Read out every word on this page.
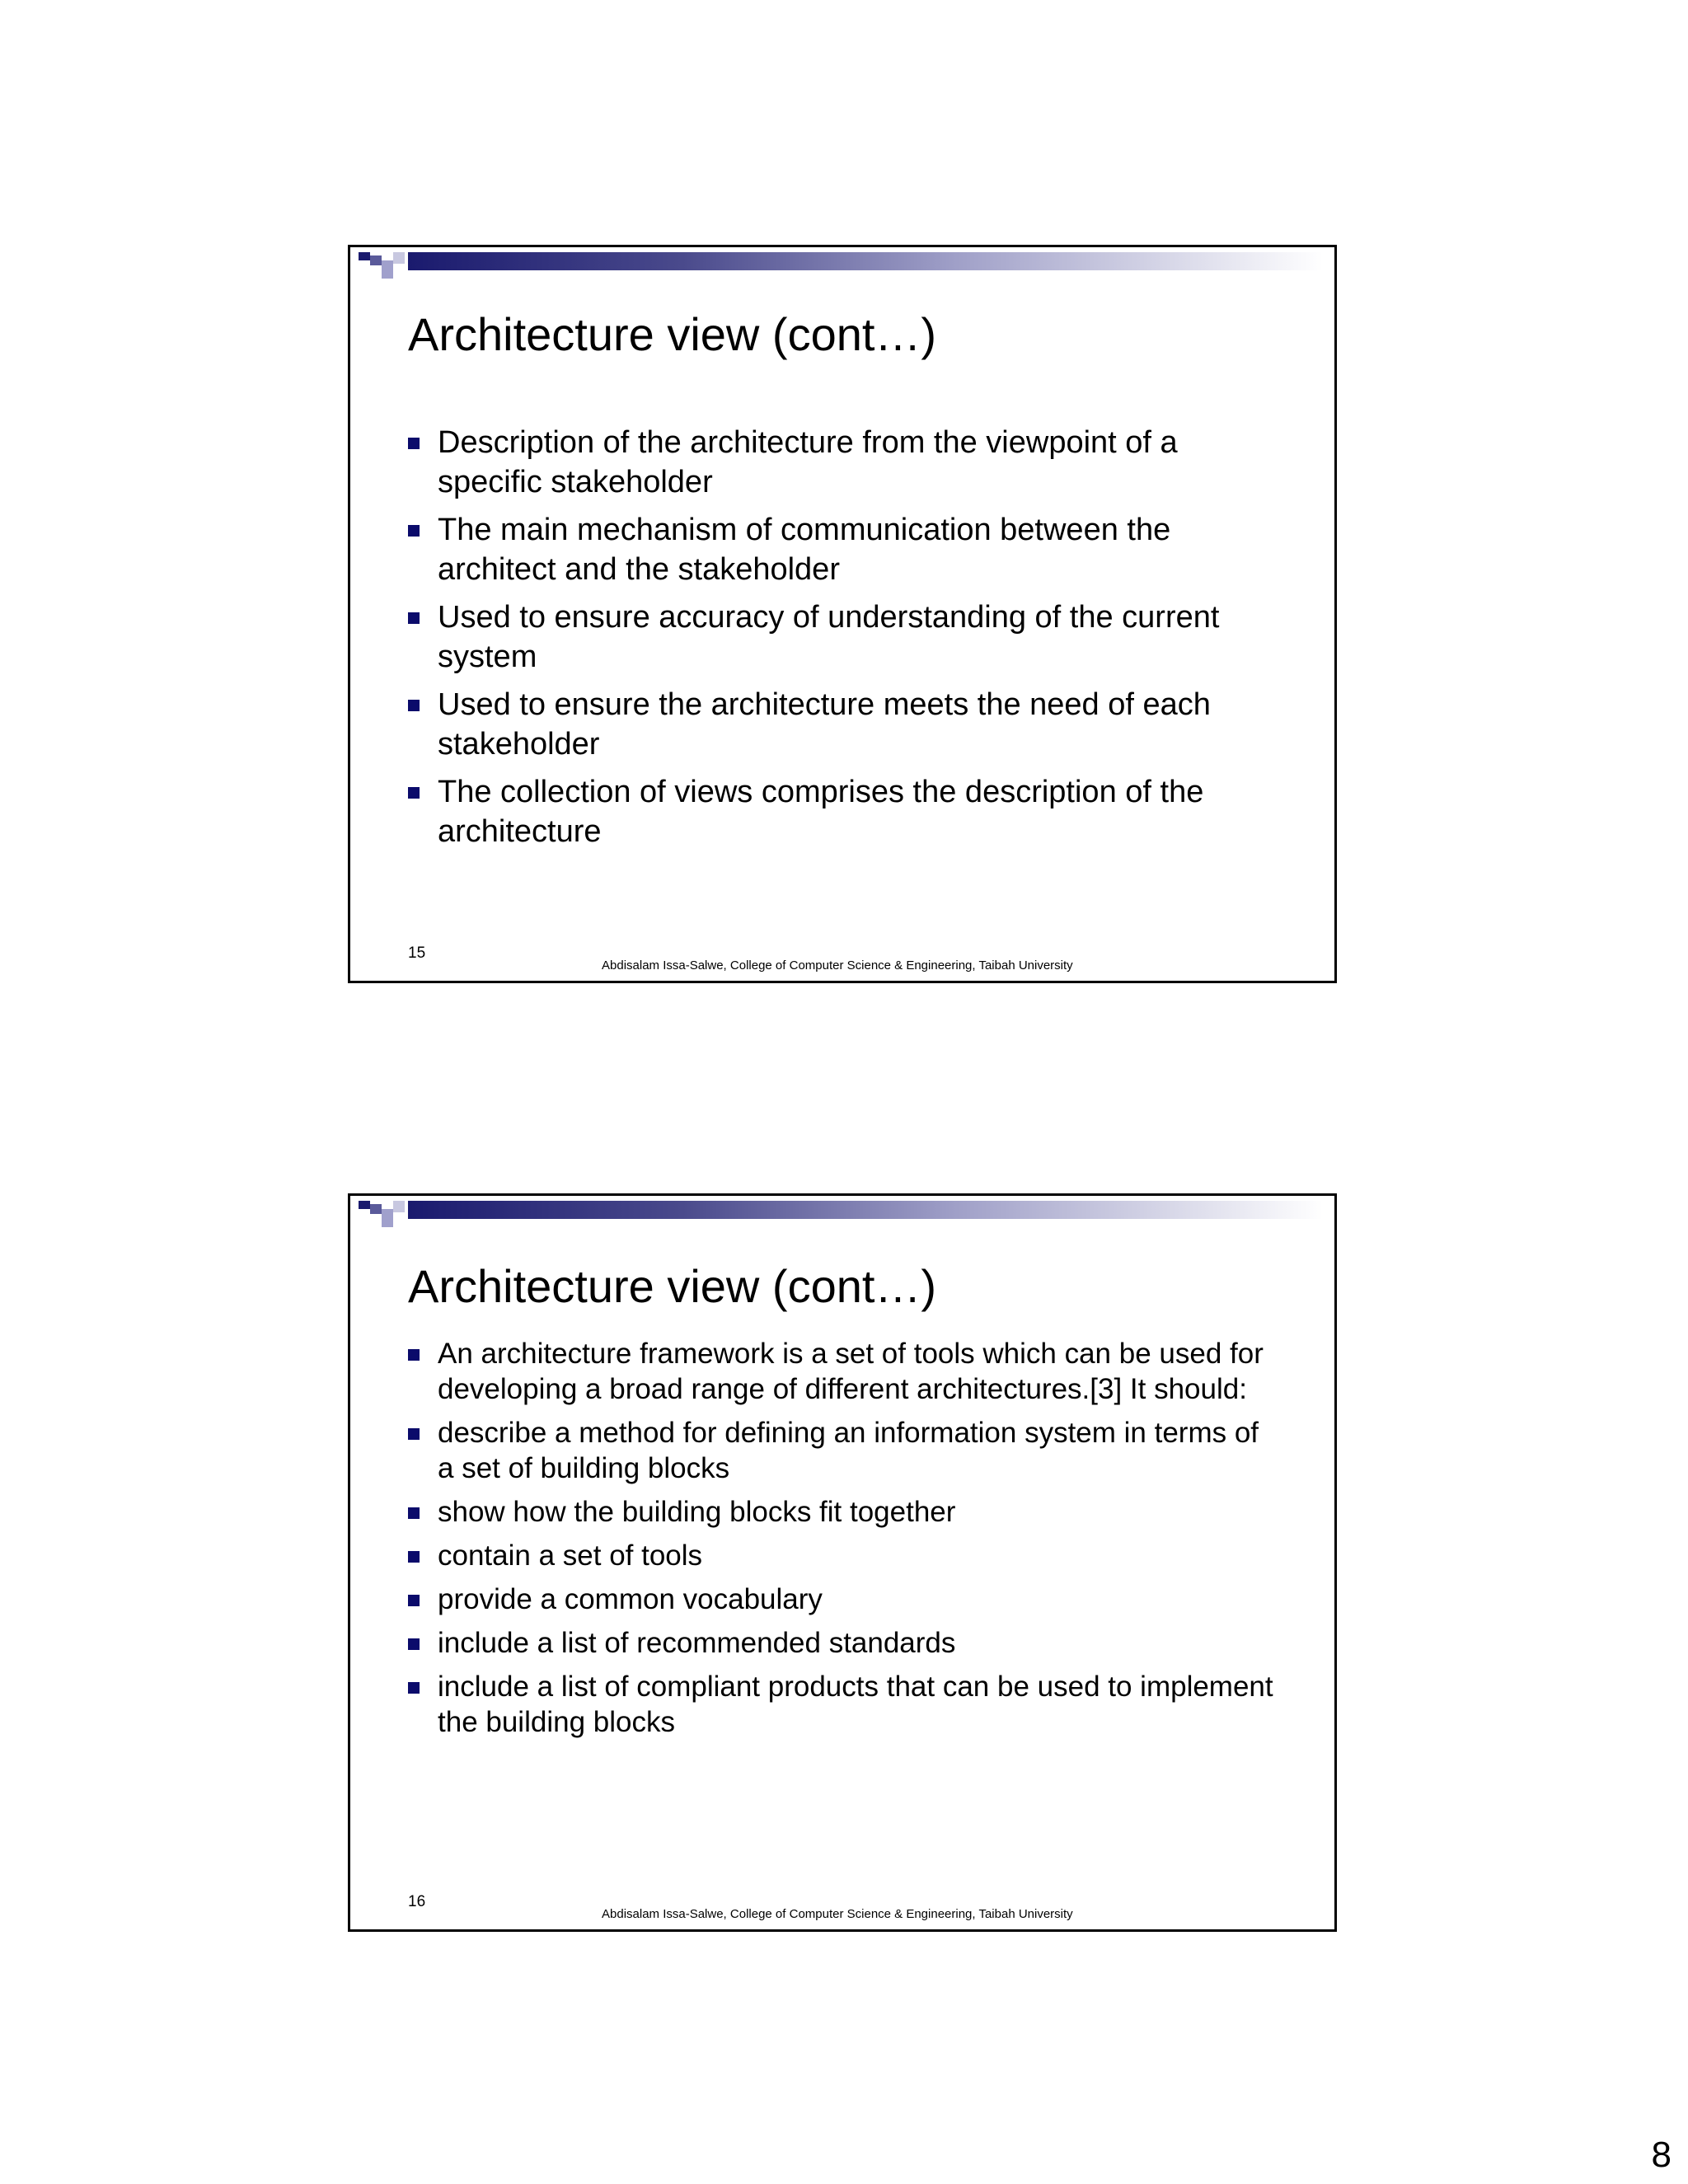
Architecture view (cont…)
Description of the architecture from the viewpoint of a specific stakeholder
The main mechanism of communication between the architect and the stakeholder
Used to ensure accuracy of understanding of the current system
Used to ensure the architecture meets the need of each stakeholder
The collection of views comprises the description of the architecture
15
Abdisalam Issa-Salwe, College of Computer Science & Engineering, Taibah University
Architecture view (cont…)
An architecture framework is a set of tools which can be used for developing a broad range of different architectures.[3] It should:
describe a method for defining an information system in terms of a set of building blocks
show how the building blocks fit together
contain a set of tools
provide a common vocabulary
include a list of recommended standards
include a list of compliant products that can be used to implement the building blocks
16
Abdisalam Issa-Salwe, College of Computer Science & Engineering, Taibah University
8
